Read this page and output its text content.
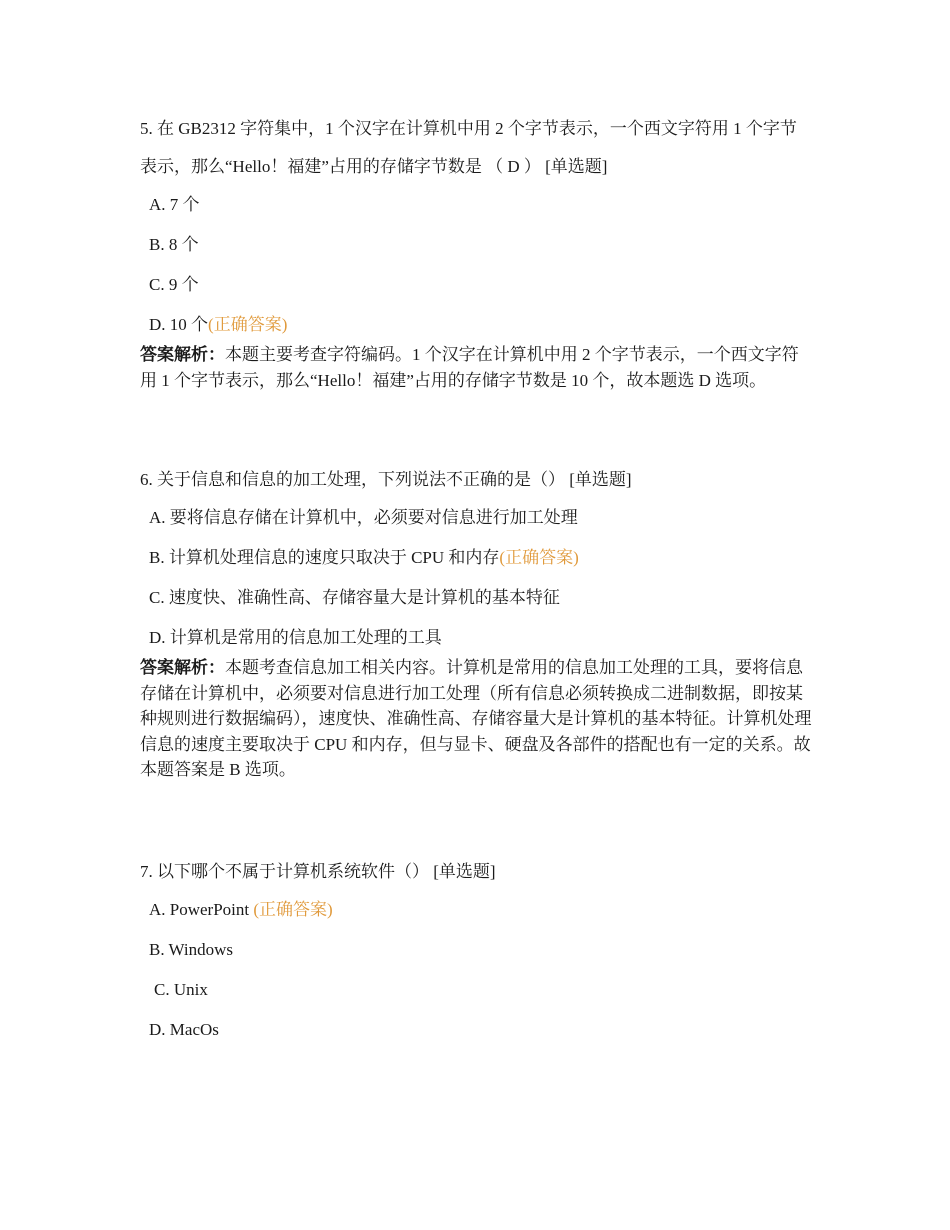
5. 在 GB2312 字符集中，1 个汉字在计算机中用 2 个字节表示，一个西文字符用 1 个字节表示，那么“Hello！福建”占用的存储字节数是 （ D ） [单选题]

A. 7 个
B. 8 个
C. 9 个
D. 10 个(正确答案)

答案解析：本题主要考查字符编码。1 个汉字在计算机中用 2 个字节表示，一个西文字符用 1 个字节表示，那么“Hello！福建”占用的存储字节数是 10 个，故本题选 D 选项。

6. 关于信息和信息的加工处理，下列说法不正确的是（） [单选题]

A. 要将信息存储在计算机中，必须要对信息进行加工处理
B. 计算机处理信息的速度只取决于 CPU 和内存(正确答案)
C. 速度快、准确性高、存储容量大是计算机的基本特征
D. 计算机是常用的信息加工处理的工具

答案解析：本题考查信息加工相关内容。计算机是常用的信息加工处理的工具，要将信息存储在计算机中，必须要对信息进行加工处理（所有信息必须转换成二进制数据，即按某种规则进行数据编码），速度快、准确性高、存储容量大是计算机的基本特征。计算机处理信息的速度主要取决于 CPU 和内存，但与显卡、硬盘及各部件的搭配也有一定的关系。故本题答案是 B 选项。

7. 以下哪个不属于计算机系统软件（） [单选题]

A. PowerPoint (正确答案)
B. Windows
C. Unix
D. MacOs
